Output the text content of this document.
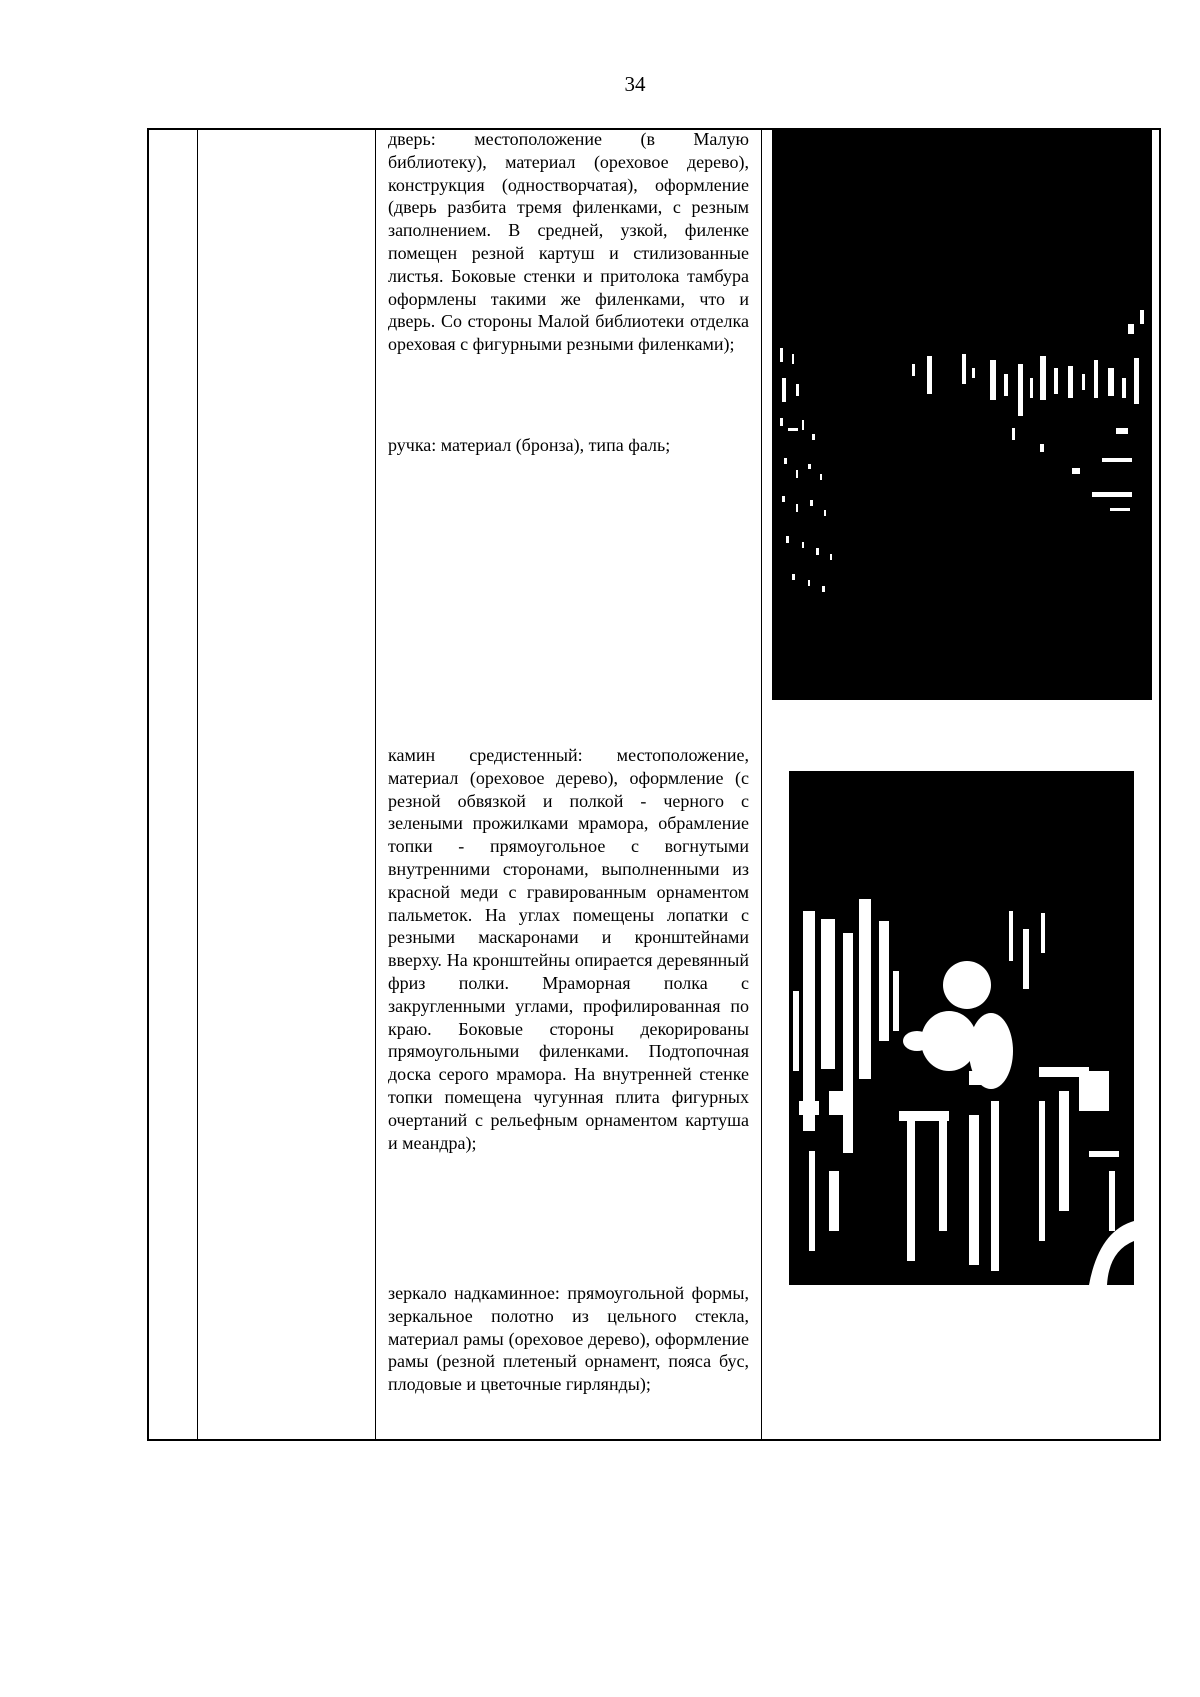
34

дверь: местоположение (в Малую библиотеку), материал (ореховое дерево), конструкция (одностворчатая), оформление (дверь разбита тремя филенками, с резным заполнением. В средней, узкой, филенке помещен резной картуш и стилизованные листья. Боковые стенки и притолока тамбура оформлены такими же филенками, что и дверь. Со стороны Малой библиотеки отделка ореховая с фигурными резными филенками);

ручка: материал (бронза), типа фаль;

камин средистенный: местоположение, материал (ореховое дерево), оформление (с резной обвязкой и полкой - черного с зелеными прожилками мрамора, обрамление топки - прямоугольное с вогнутыми внутренними сторонами, выполненными из красной меди с гравированным орнаментом пальметок. На углах помещены лопатки с резными маскаронами и кронштейнами вверху. На кронштейны опирается деревянный фриз полки. Мраморная полка с закругленными углами, профилированная по краю. Боковые стороны декорированы прямоугольными филенками. Подтопочная доска серого мрамора. На внутренней стенке топки помещена чугунная плита фигурных очертаний с рельефным орнаментом картуша и меандра);

зеркало надкаминное: прямоугольной формы, зеркальное полотно из цельного стекла, материал рамы (ореховое дерево), оформление рамы (резной плетеный орнамент, пояса бус, плодовые и цветочные гирлянды);
